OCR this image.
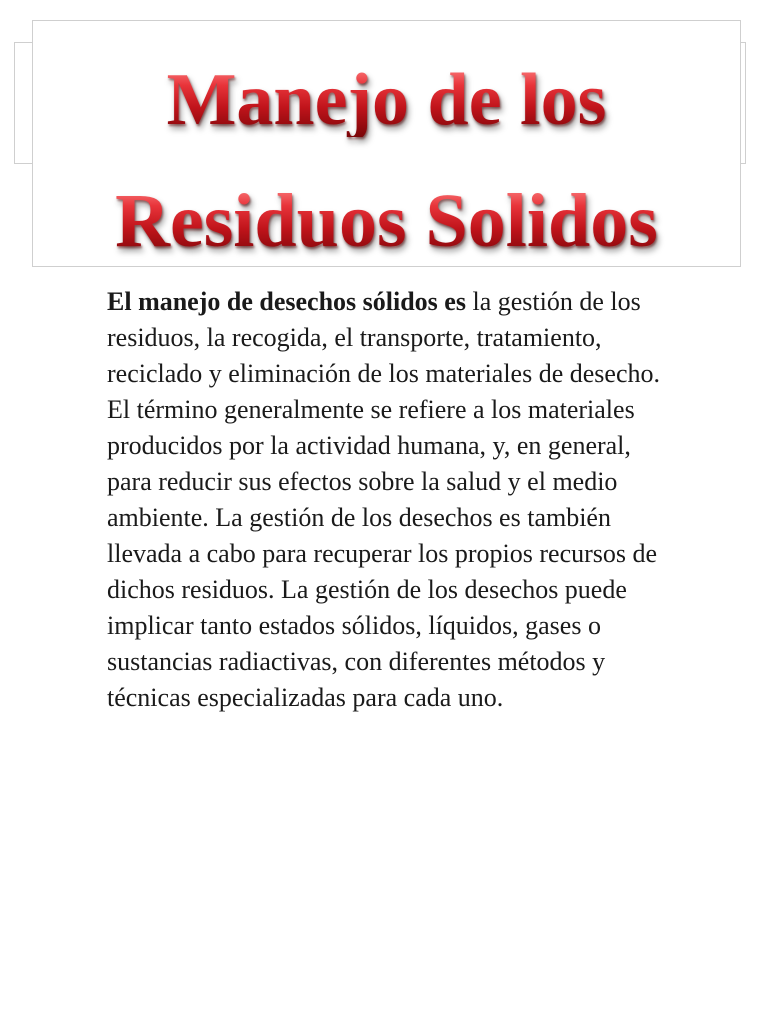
Manejo de los
Residuos Solidos

El manejo de desechos sólidos es la gestión de los residuos, la recogida, el transporte, tratamiento, reciclado y eliminación de los materiales de desecho.

El término generalmente se refiere a los materiales producidos por la actividad humana, y, en general, para reducir sus efectos sobre la salud y el medio ambiente. La gestión de los desechos es también llevada a cabo para recuperar los propios recursos de dichos residuos. La gestión de los desechos puede implicar tanto estados sólidos, líquidos, gases o sustancias radiactivas, con diferentes métodos y técnicas especializadas para cada uno.
